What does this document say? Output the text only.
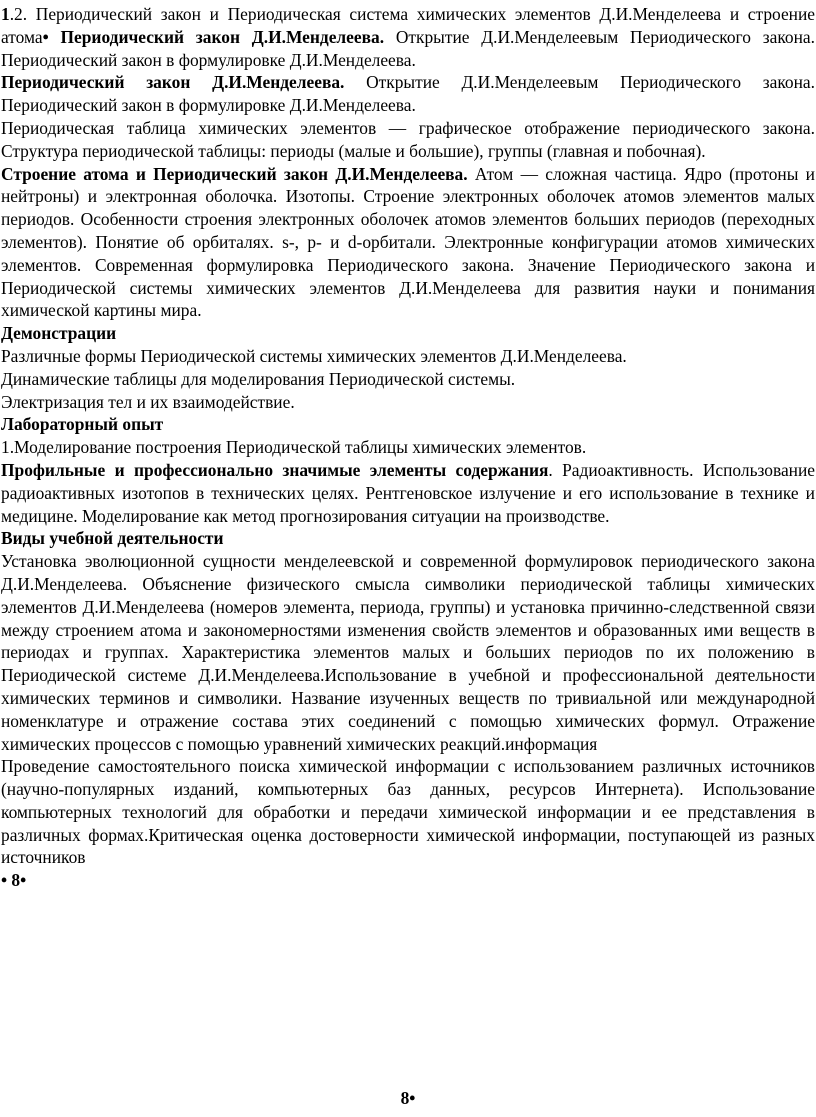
1.2. Периодический закон и Периодическая система химических элементов Д.И.Менделеева и строение атома• Периодический закон Д.И.Менделеева. Открытие Д.И.Менделеевым Периодического закона. Периодический закон в формулировке Д.И.Менделеева.

Периодический закон Д.И.Менделеева. Открытие Д.И.Менделеевым Периодического закона. Периодический закон в формулировке Д.И.Менделеева.

Периодическая таблица химических элементов — графическое отображение периодического закона. Структура периодической таблицы: периоды (малые и большие), группы (главная и побочная).

Строение атома и Периодический закон Д.И.Менделеева. Атом — сложная частица. Ядро (протоны и нейтроны) и электронная оболочка. Изотопы. Строение электронных оболочек атомов элементов малых периодов. Особенности строения электронных оболочек атомов элементов больших периодов (переходных элементов). Понятие об орбиталях. s-, p- и d-орбитали. Электронные конфигурации атомов химических элементов. Современная формулировка Периодического закона. Значение Периодического закона и Периодической системы химических элементов Д.И.Менделеева для развития науки и понимания химической картины мира.

Демонстрации

Различные формы Периодической системы химических элементов Д.И.Менделеева.

Динамические таблицы для моделирования Периодической системы.

Электризация тел и их взаимодействие.

Лабораторный опыт

1.Моделирование построения Периодической таблицы химических элементов.

Профильные и профессионально значимые элементы содержания. Радиоактивность. Использование радиоактивных изотопов в технических целях. Рентгеновское излучение и его использование в технике и медицине. Моделирование как метод прогнозирования ситуации на производстве.

Виды учебной деятельности

Установка эволюционной сущности менделеевской и современной формулировок периодического закона Д.И.Менделеева. Объяснение физического смысла символики периодической таблицы химических элементов Д.И.Менделеева (номеров элемента, периода, группы) и установка причинно-следственной связи между строением атома и закономерностями изменения свойств элементов и образованных ими веществ в периодах и группах. Характеристика элементов малых и больших периодов по их положению в Периодической системе Д.И.Менделеева.Использование в учебной и профессиональной деятельности химических терминов и символики. Название изученных веществ по тривиальной или международной номенклатуре и отражение состава этих соединений с помощью химических формул. Отражение химических процессов с помощью уравнений химических реакций.информация

Проведение самостоятельного поиска химической информации с использованием различных источников (научно-популярных изданий, компьютерных баз данных, ресурсов Интернета). Использование компьютерных технологий для обработки и передачи химической информации и ее представления в различных формах.Критическая оценка достоверности химической информации, поступающей из разных источников

• 8•

8•
